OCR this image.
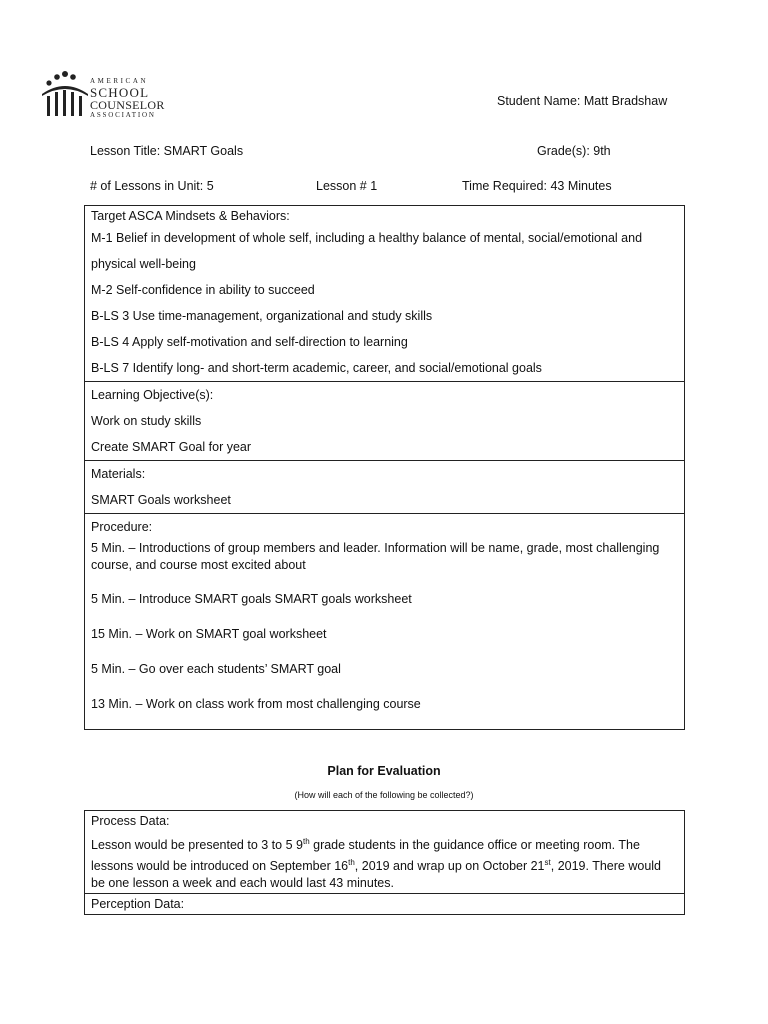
AMERICAN
SCHOOL
COUNSELOR
ASSOCIATION
Student Name: Matt Bradshaw
Lesson Title: SMART Goals	Grade(s): 9th
# of Lessons in Unit: 5	Lesson # 1	Time Required: 43 Minutes
Target ASCA Mindsets & Behaviors:
M-1 Belief in development of whole self, including a healthy balance of mental, social/emotional and
physical well-being
M-2 Self-confidence in ability to succeed
B-LS 3 Use time-management, organizational and study skills
B-LS 4 Apply self-motivation and self-direction to learning
B-LS 7 Identify long- and short-term academic, career, and social/emotional goals
Learning Objective(s):
Work on study skills
Create SMART Goal for year
Materials:
SMART Goals worksheet
Procedure:
5 Min. – Introductions of group members and leader. Information will be name, grade, most challenging course, and course most excited about
5 Min. – Introduce SMART goals SMART goals worksheet
15 Min. – Work on SMART goal worksheet
5 Min. – Go over each students’ SMART goal
13 Min. – Work on class work from most challenging course
Plan for Evaluation
(How will each of the following be collected?)
Process Data:
Lesson would be presented to 3 to 5 9th grade students in the guidance office or meeting room. The lessons would be introduced on September 16th, 2019 and wrap up on October 21st, 2019. There would be one lesson a week and each would last 43 minutes.
Perception Data:
